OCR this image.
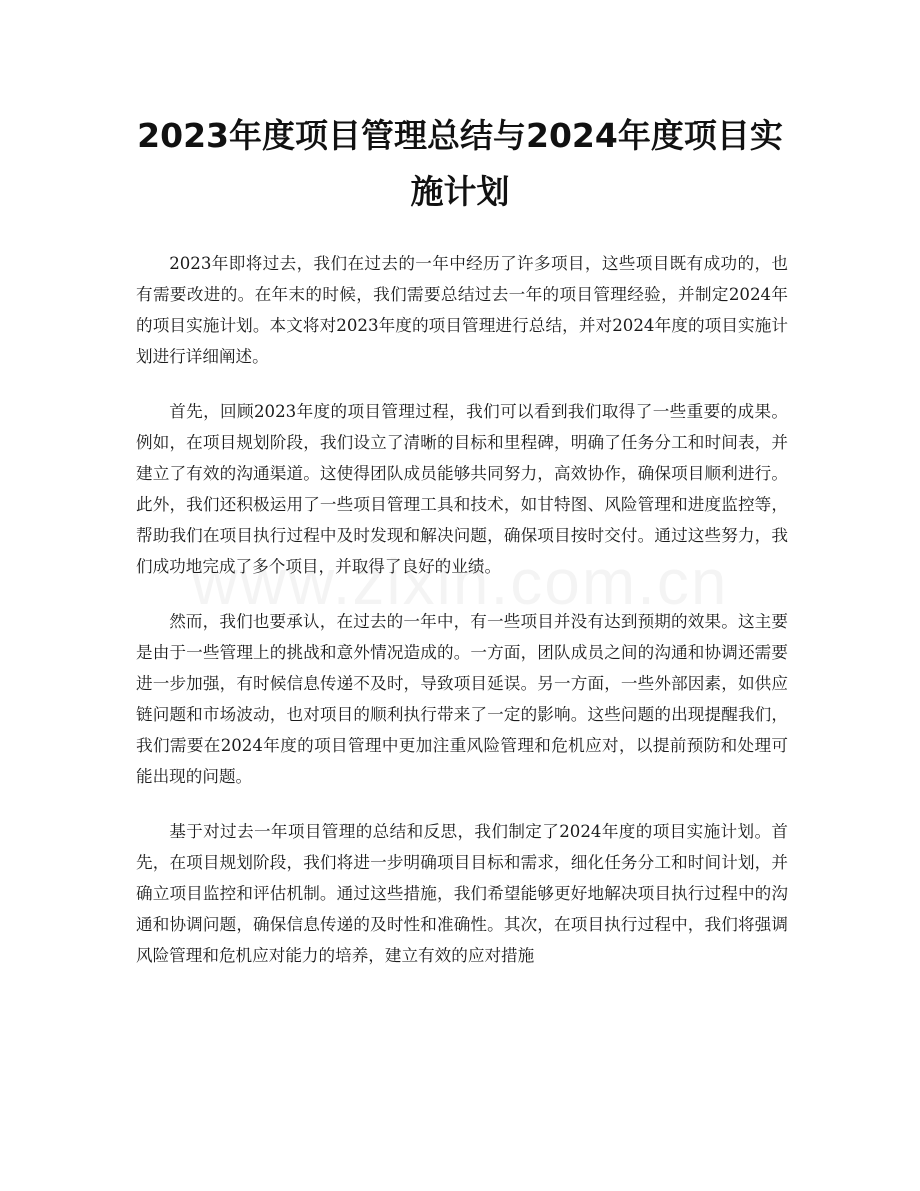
2023年度项目管理总结与2024年度项目实施计划

2023年即将过去，我们在过去的一年中经历了许多项目，这些项目既有成功的，也有需要改进的。在年末的时候，我们需要总结过去一年的项目管理经验，并制定2024年的项目实施计划。本文将对2023年度的项目管理进行总结，并对2024年度的项目实施计划进行详细阐述。

首先，回顾2023年度的项目管理过程，我们可以看到我们取得了一些重要的成果。例如，在项目规划阶段，我们设立了清晰的目标和里程碑，明确了任务分工和时间表，并建立了有效的沟通渠道。这使得团队成员能够共同努力，高效协作，确保项目顺利进行。此外，我们还积极运用了一些项目管理工具和技术，如甘特图、风险管理和进度监控等，帮助我们在项目执行过程中及时发现和解决问题，确保项目按时交付。通过这些努力，我们成功地完成了多个项目，并取得了良好的业绩。

然而，我们也要承认，在过去的一年中，有一些项目并没有达到预期的效果。这主要是由于一些管理上的挑战和意外情况造成的。一方面，团队成员之间的沟通和协调还需要进一步加强，有时候信息传递不及时，导致项目延误。另一方面，一些外部因素，如供应链问题和市场波动，也对项目的顺利执行带来了一定的影响。这些问题的出现提醒我们，我们需要在2024年度的项目管理中更加注重风险管理和危机应对，以提前预防和处理可能出现的问题。

基于对过去一年项目管理的总结和反思，我们制定了2024年度的项目实施计划。首先，在项目规划阶段，我们将进一步明确项目目标和需求，细化任务分工和时间计划，并确立项目监控和评估机制。通过这些措施，我们希望能够更好地解决项目执行过程中的沟通和协调问题，确保信息传递的及时性和准确性。其次，在项目执行过程中，我们将强调风险管理和危机应对能力的培养，建立有效的应对措施
